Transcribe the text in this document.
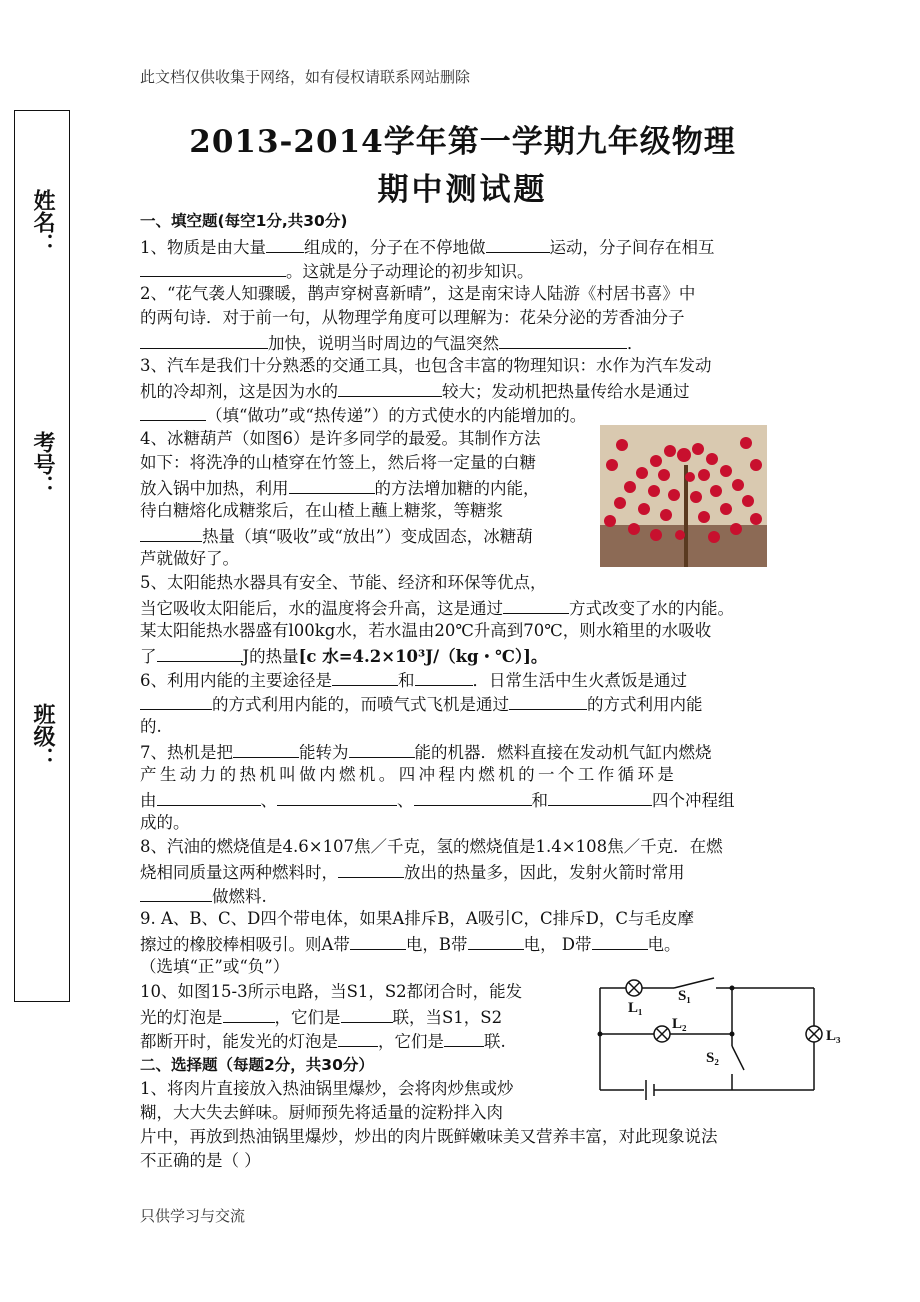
此文档仅供收集于网络，如有侵权请联系网站删除
姓名：
考号：
班级：
2013-2014学年第一学期九年级物理
期中测试题
一、填空题(每空1分,共30分)
1、物质是由大量 组成的，分子在不停地做	运动，分子间存在相互
。这就是分子动理论的初步知识。
2、“花气袭人知骤暖，鹊声穿树喜新晴”，这是南宋诗人陆游《村居书喜》中
的两句诗．对于前一句，从物理学角度可以理解为：花朵分泌的芳香油分子
加快，说明当时周边的气温突然	．
3、汽车是我们十分熟悉的交通工具，也包含丰富的物理知识：水作为汽车发动
机的冷却剂，这是因为水的	较大；发动机把热量传给水是通过
（填“做功”或“热传递”）的方式使水的内能增加的。
4、冰糖葫芦（如图6）是许多同学的最爱。其制作方法
如下：将洗净的山楂穿在竹签上，然后将一定量的白糖
放入锅中加热，利用	的方法增加糖的内能，
待白糖熔化成糖浆后，在山楂上蘸上糖浆，等糖浆
热量（填“吸收”或“放出”）变成固态，冰糖葫
芦就做好了。
5、太阳能热水器具有安全、节能、经济和环保等优点，
当它吸收太阳能后，水的温度将会升高，这是通过	方式改变了水的内能。
某太阳能热水器盛有l00kg水，若水温由20℃升高到70℃，则水箱里的水吸收
了	J的热量[c 水=4.2×10³J/（kg・℃）]。
6、利用内能的主要途径是	和	．日常生活中生火煮饭是通过
的方式利用内能的，而喷气式飞机是通过	的方式利用内能
的.
7、热机是把	能转为	能的机器．燃料直接在发动机气缸内燃烧
产生动力的热机叫做内燃机。四冲程内燃机的一个工作循环是
由	、	、	和	四个冲程组
成的。
8、汽油的燃烧值是4.6×107焦／千克，氢的燃烧值是1.4×108焦／千克．在燃
烧相同质量这两种燃料时，	放出的热量多，因此，发射火箭时常用
做燃料.
9. A、B、C、D四个带电体，如果A排斥B，A吸引C，C排斥D，C与毛皮摩
擦过的橡胶棒相吸引。则A带	电，B带	电， D带	电。
（选填“正”或“负”）
10、如图15-3所示电路，当S1，S2都闭合时，能发
光的灯泡是	，它们是	联，当S1，S2
都断开时，能发光的灯泡是 ，它们是 联.
L₁
S₁
L₂
S₂
L₃
二、选择题（每题2分，共30分）
1、将肉片直接放入热油锅里爆炒，会将肉炒焦或炒
糊，大大失去鲜味。厨师预先将适量的淀粉拌入肉
片中，再放到热油锅里爆炒，炒出的肉片既鲜嫩味美又营养丰富，对此现象说法
不正确的是（ ）
只供学习与交流
